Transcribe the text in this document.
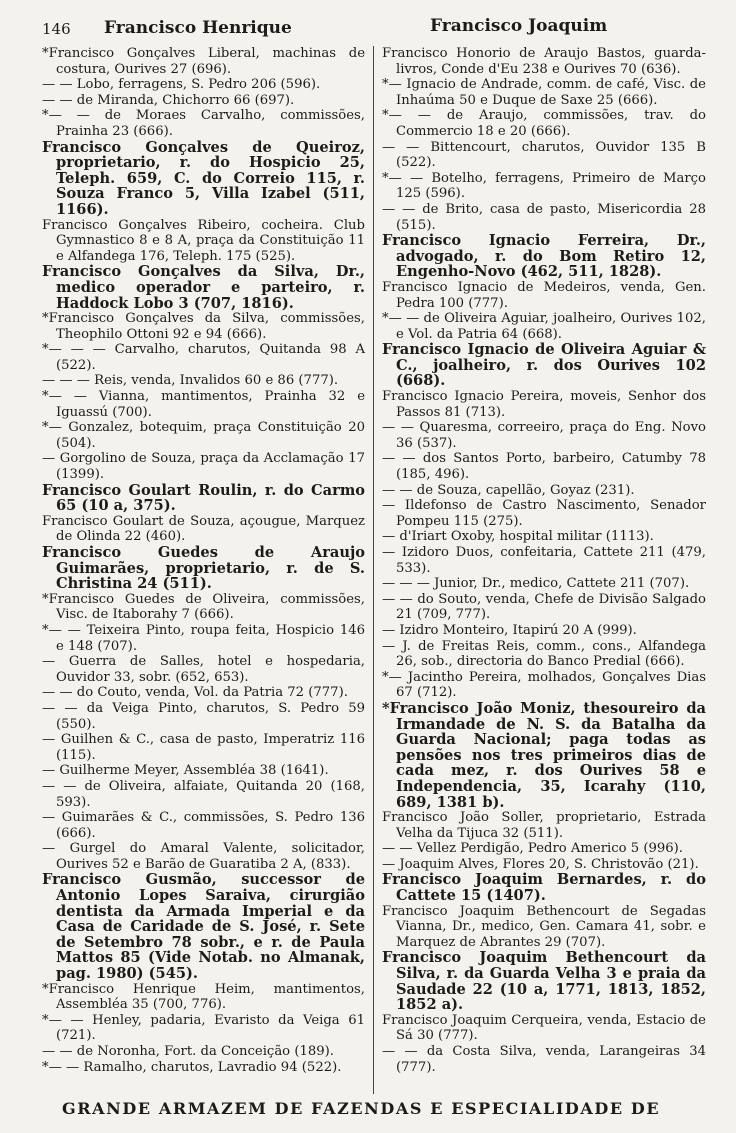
146 Francisco Henrique	Francisco Joaquim

*Francisco Gonçalves Liberal, machinas de costura, Ourives 27 (696).

— — Lobo, ferragens, S. Pedro 206 (596).

— — de Miranda, Chichorro 66 (697).

*— — de Moraes Carvalho, commissões, Prainha 23 (666).

Francisco Gonçalves de Queiroz, proprietario, r. do Hospicio 25, Teleph. 659, C. do Correio 115, r. Souza Franco 5, Villa Izabel (511, 1166).

Francisco Gonçalves Ribeiro, cocheira. Club Gymnastico 8 e 8 A, praça da Constituição 11 e Alfandega 176, Teleph. 175 (525).

Francisco Gonçalves da Silva, Dr., medico operador e parteiro, r. Haddock Lobo 3 (707, 1816).

*Francisco Gonçalves da Silva, commissões, Theophilo Ottoni 92 e 94 (666).

*— — — Carvalho, charutos, Quitanda 98 A (522).

— — — Reis, venda, Invalidos 60 e 86 (777).

*— — Vianna, mantimentos, Prainha 32 e Iguassú (700).

*— Gonzalez, botequim, praça Constituição 20 (504).

— Gorgolino de Souza, praça da Acclamação 17 (1399).

Francisco Goulart Roulin, r. do Carmo 65 (10 a, 375).

Francisco Goulart de Souza, açougue, Marquez de Olinda 22 (460).

Francisco Guedes de Araujo Guimarães, proprietario, r. de S. Christina 24 (511).

*Francisco Guedes de Oliveira, commissões, Visc. de Itaborahy 7 (666).

*— — Teixeira Pinto, roupa feita, Hospicio 146 e 148 (707).

— Guerra de Salles, hotel e hospedaria, Ouvidor 33, sobr. (652, 653).

— — do Couto, venda, Vol. da Patria 72 (777).

— — da Veiga Pinto, charutos, S. Pedro 59 (550).

— Guilhen & C., casa de pasto, Imperatriz 116 (115).

— Guilherme Meyer, Assembléa 38 (1641).

— — de Oliveira, alfaiate, Quitanda 20 (168, 593).

— Guimarães & C., commissões, S. Pedro 136 (666).

— Gurgel do Amaral Valente, solicitador, Ourives 52 e Barão de Guaratiba 2 A, (833).

Francisco Gusmão, successor de Antonio Lopes Saraiva, cirurgião dentista da Armada Imperial e da Casa de Caridade de S. José, r. Sete de Setembro 78 sobr., e r. de Paula Mattos 85 (Vide Notab. no Almanak, pag. 1980) (545).

*Francisco Henrique Heim, mantimentos, Assembléa 35 (700, 776).

*— — Henley, padaria, Evaristo da Veiga 61 (721).

— — de Noronha, Fort. da Conceição (189).

*— — Ramalho, charutos, Lavradio 94 (522).

Francisco Honorio de Araujo Bastos, guarda-livros, Conde d'Eu 238 e Ourives 70 (636).

*— Ignacio de Andrade, comm. de café, Visc. de Inhaúma 50 e Duque de Saxe 25 (666).

*— — de Araujo, commissões, trav. do Commercio 18 e 20 (666).

— — Bittencourt, charutos, Ouvidor 135 B (522).

*— — Botelho, ferragens, Primeiro de Março 125 (596).

— — de Brito, casa de pasto, Misericordia 28 (515).

Francisco Ignacio Ferreira, Dr., advogado, r. do Bom Retiro 12, Engenho-Novo (462, 511, 1828).

Francisco Ignacio de Medeiros, venda, Gen. Pedra 100 (777).

*— — de Oliveira Aguiar, joalheiro, Ourives 102, e Vol. da Patria 64 (668).

Francisco Ignacio de Oliveira Aguiar & C., joalheiro, r. dos Ourives 102 (668).

Francisco Ignacio Pereira, moveis, Senhor dos Passos 81 (713).

— — Quaresma, correeiro, praça do Eng. Novo 36 (537).

— — dos Santos Porto, barbeiro, Catumby 78 (185, 496).

— — de Souza, capellão, Goyaz (231).

— Ildefonso de Castro Nascimento, Senador Pompeu 115 (275).

— d'Iriart Oxoby, hospital militar (1113).

— Izidoro Duos, confeitaria, Cattete 211 (479, 533).

— — — Junior, Dr., medico, Cattete 211 (707).

— — do Souto, venda, Chefe de Divisão Salgado 21 (709, 777).

— Izidro Monteiro, Itapirú 20 A (999).

— J. de Freitas Reis, comm., cons., Alfandega 26, sob., directoria do Banco Predial (666).

*— Jacintho Pereira, molhados, Gonçalves Dias 67 (712).

*Francisco João Moniz, thesoureiro da Irmandade de N. S. da Batalha da Guarda Nacional; paga todas as pensões nos tres primeiros dias de cada mez, r. dos Ourives 58 e Independencia, 35, Icarahy (110, 689, 1381 b).

Francisco João Soller, proprietario, Estrada Velha da Tijuca 32 (511).

— — Vellez Perdigão, Pedro Americo 5 (996).

— Joaquim Alves, Flores 20, S. Christovão (21).

Francisco Joaquim Bernardes, r. do Cattete 15 (1407).

Francisco Joaquim Bethencourt de Segadas Vianna, Dr., medico, Gen. Camara 41, sobr. e Marquez de Abrantes 29 (707).

Francisco Joaquim Bethencourt da Silva, r. da Guarda Velha 3 e praia da Saudade 22 (10 a, 1771, 1813, 1852, 1852 a).

Francisco Joaquim Cerqueira, venda, Estacio de Sá 30 (777).

— — da Costa Silva, venda, Larangeiras 34 (777).

GRANDE ARMAZEM DE FAZENDAS E ESPECIALIDADE DE
